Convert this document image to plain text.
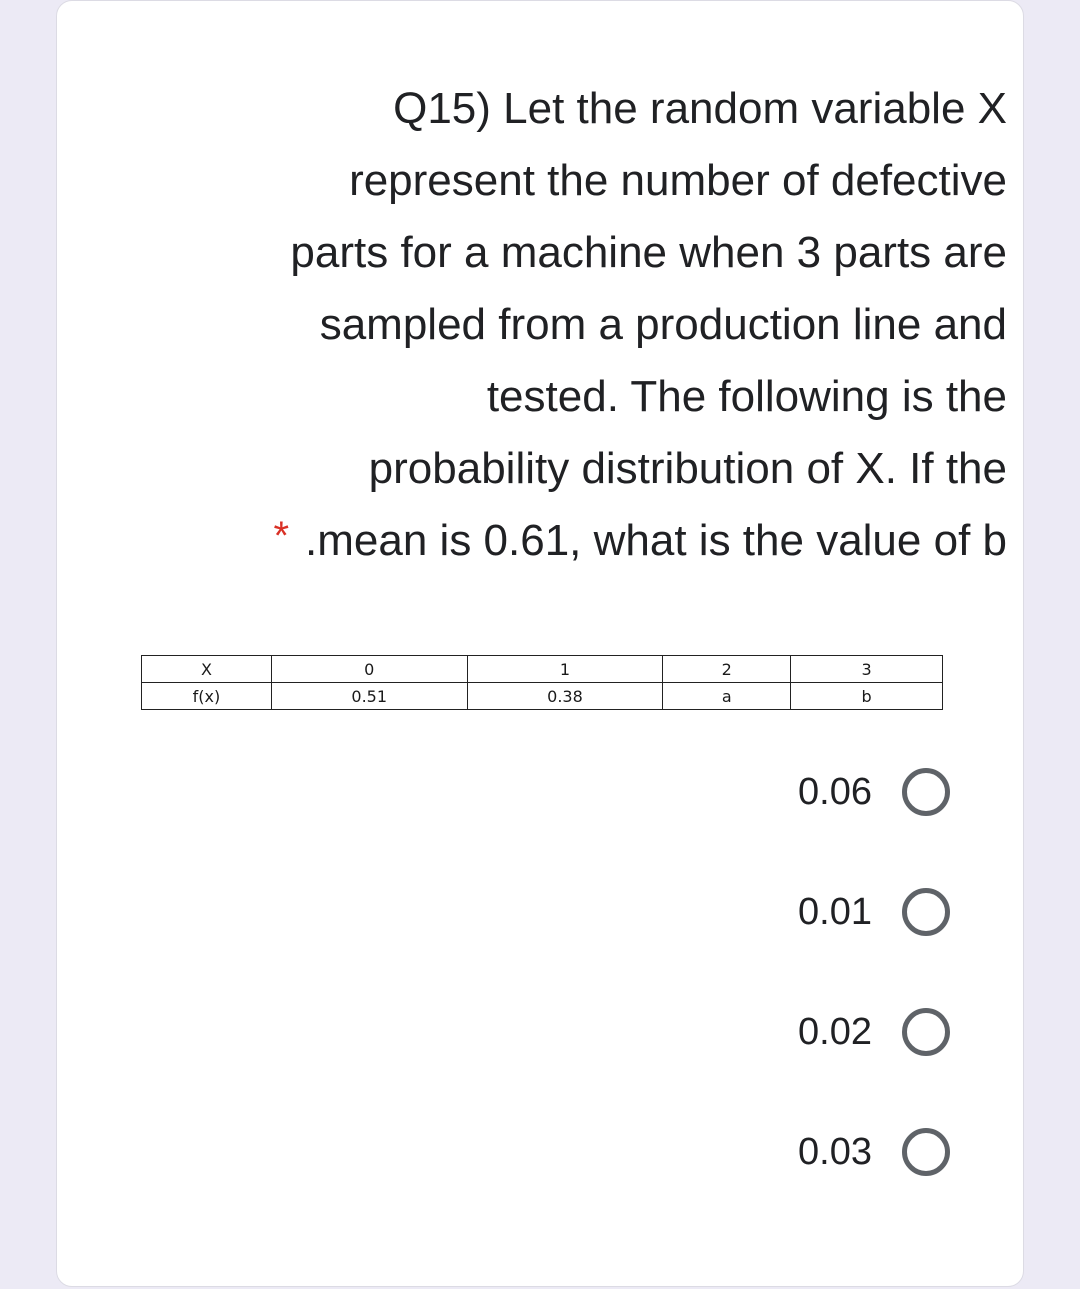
Q15) Let the random variable X
represent the number of defective
parts for a machine when 3 parts are
sampled from a production line and
tested. The following is the
probability distribution of X. If the
* .mean is 0.61, what is the value of b
X	0	1	2	3
f(x)	0.51	0.38	a	b
0.06
0.01
0.02
0.03
